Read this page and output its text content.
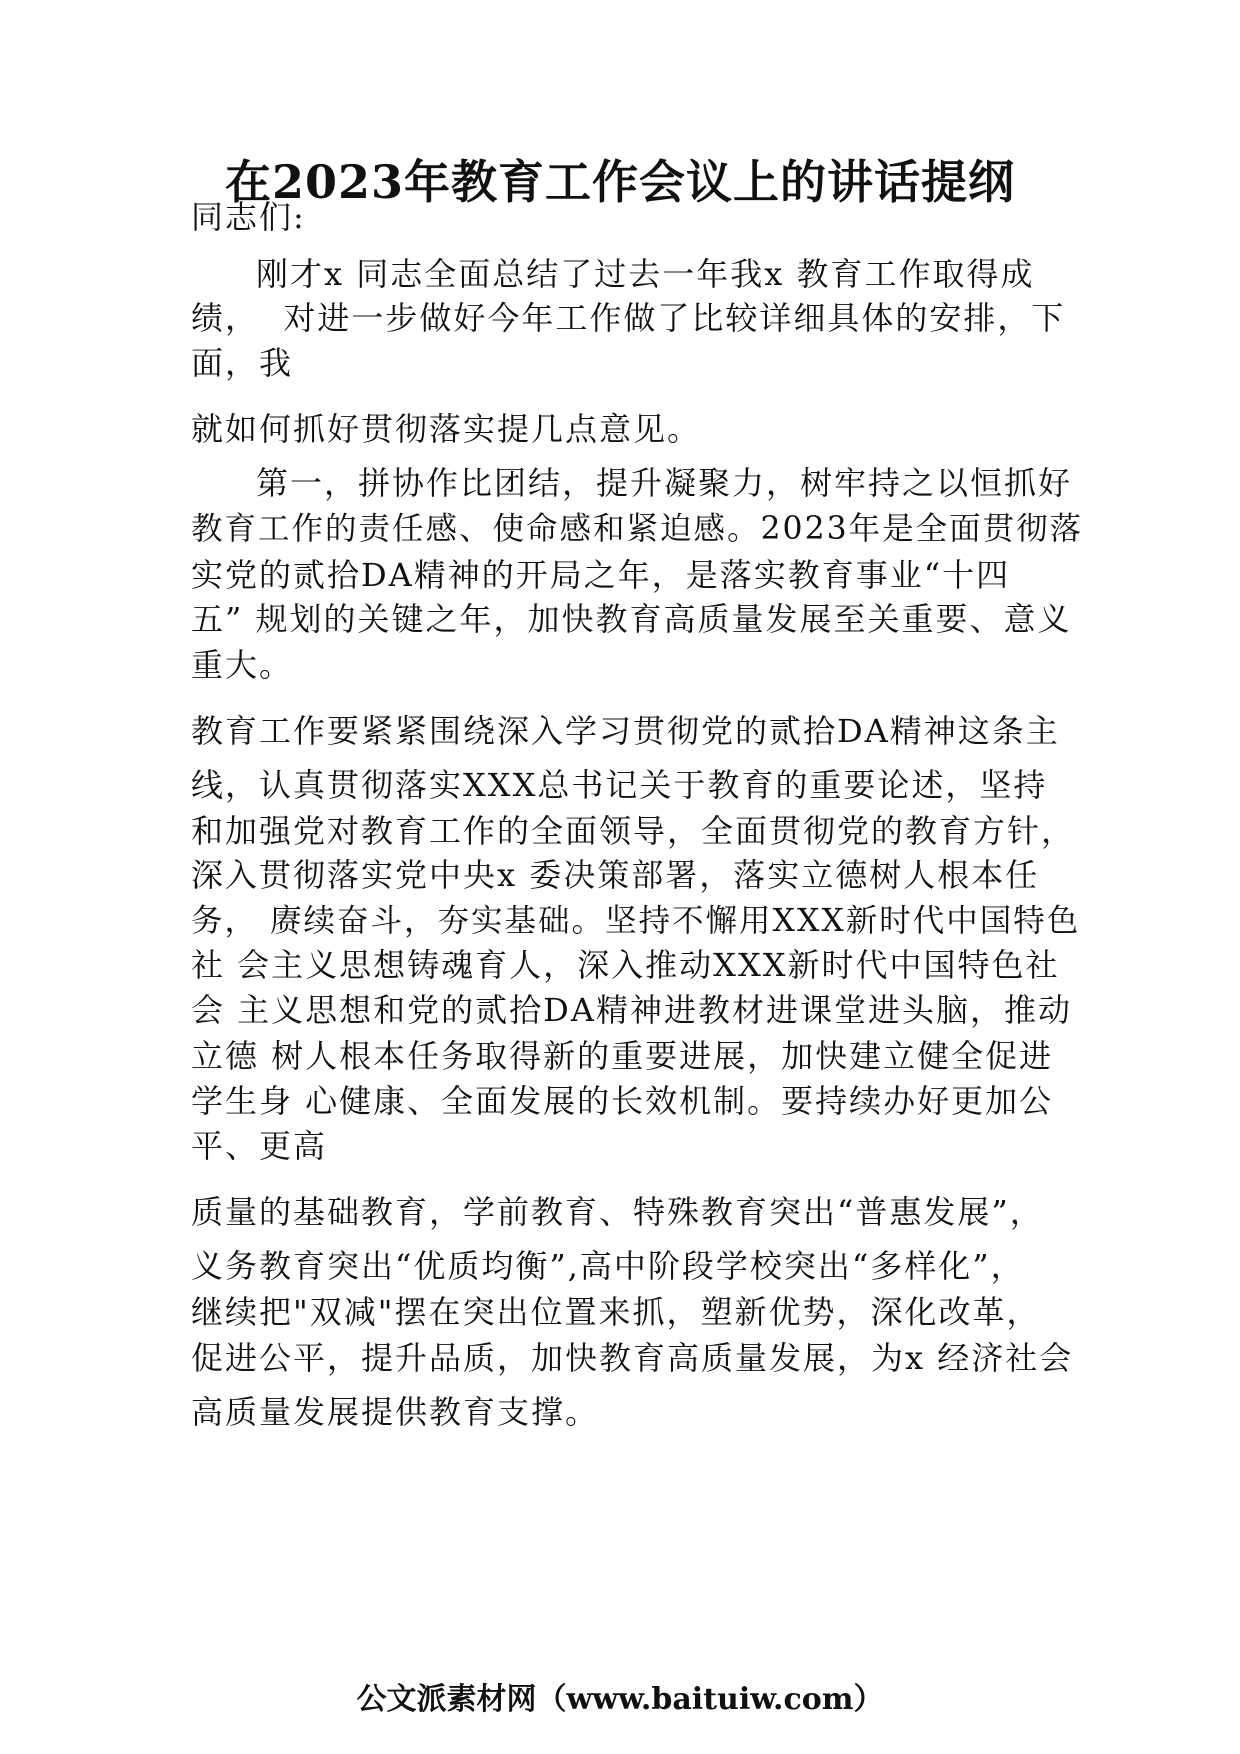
在2023年教育工作会议上的讲话提纲
同志们:
刚才x 同志全面总结了过去一年我x 教育工作取得成
绩，  对进一步做好今年工作做了比较详细具体的安排，下
面，我
就如何抓好贯彻落实提几点意见。
第一，拼协作比团结，提升凝聚力，树牢持之以恒抓好
教育工作的责任感、使命感和紧迫感。2023年是全面贯彻落
实党的贰拾DA精神的开局之年，是落实教育事业“十四
五” 规划的关键之年，加快教育高质量发展至关重要、意义
重大。
教育工作要紧紧围绕深入学习贯彻党的贰拾DA精神这条主
线，认真贯彻落实XXX总书记关于教育的重要论述，坚持
和加强党对教育工作的全面领导，全面贯彻党的教育方针，
深入贯彻落实党中央x 委决策部署，落实立德树人根本任
务， 赓续奋斗，夯实基础。坚持不懈用XXX新时代中国特色
社 会主义思想铸魂育人，深入推动XXX新时代中国特色社
会 主义思想和党的贰拾DA精神进教材进课堂进头脑，推动
立德 树人根本任务取得新的重要进展，加快建立健全促进
学生身 心健康、全面发展的长效机制。要持续办好更加公
平、更高
质量的基础教育，学前教育、特殊教育突出“普惠发展”，
义务教育突出“优质均衡”,高中阶段学校突出“多样化”，
继续把"双减"摆在突出位置来抓，塑新优势，深化改革，
促进公平，提升品质，加快教育高质量发展，为x 经济社会
高质量发展提供教育支撑。
公文派素材网（www.baituiw.com）
